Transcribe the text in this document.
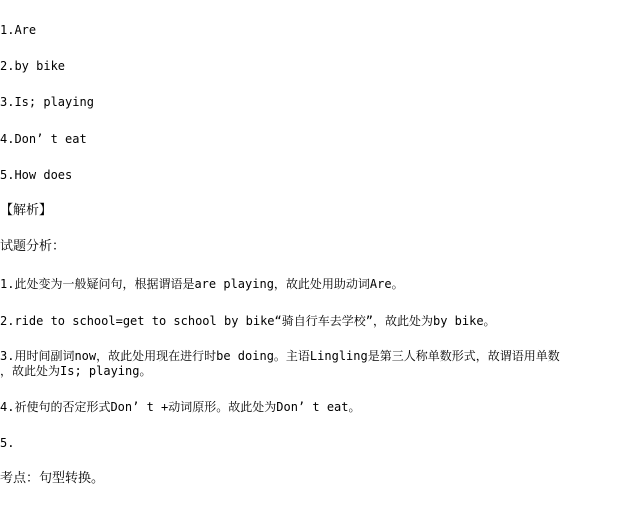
1.Are
2.by bike
3.Is; playing
4.Don’ t eat
5.How does
【解析】
试题分析：
1.此处变为一般疑问句，根据谓语是are playing，故此处用助动词Are。
2.ride to school=get to school by bike“骑自行车去学校”，故此处为by bike。
3.用时间副词now，故此处用现在进行时be doing。主语Lingling是第三人称单数形式，故谓语用单数
，故此处为Is; playing。
4.祈使句的否定形式Don’ t +动词原形。故此处为Don’ t eat。
5.
考点：句型转换。
